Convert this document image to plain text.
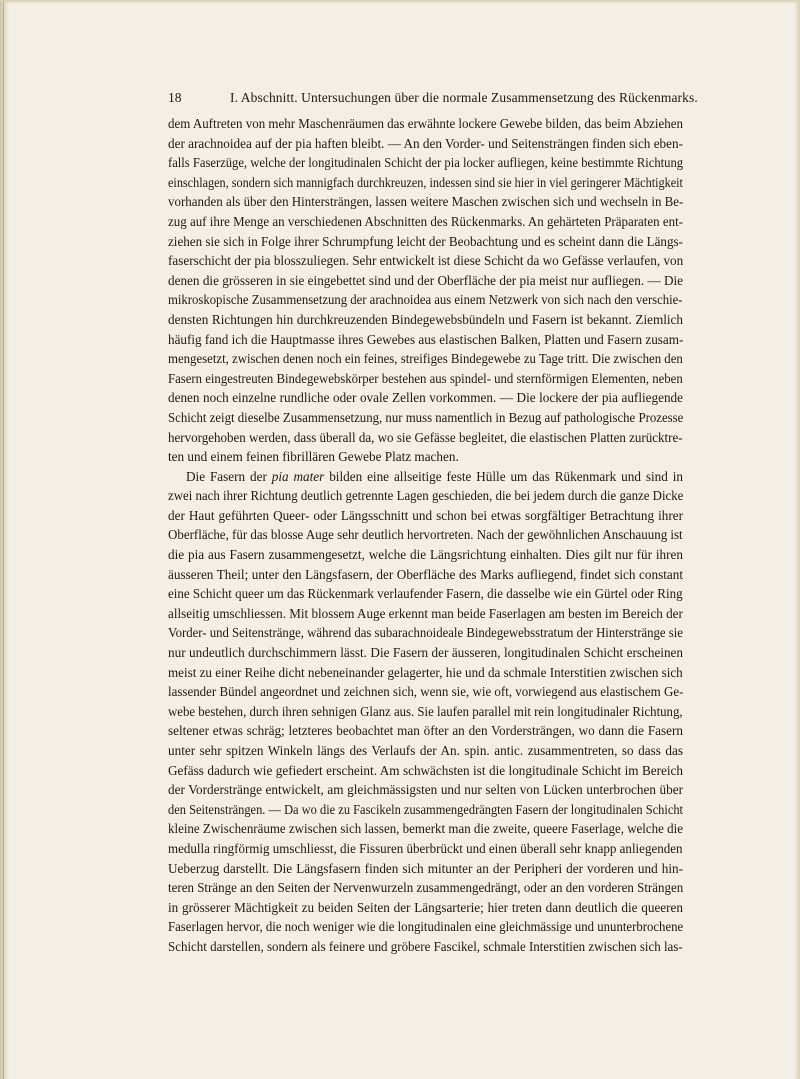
18	I. Abschnitt. Untersuchungen über die normale Zusammensetzung des Rückenmarks.
dem Auftreten von mehr Maschenräumen das erwähnte lockere Gewebe bilden, das beim Abziehen
der arachnoidea auf der pia haften bleibt. — An den Vorder- und Seitensträngen finden sich eben-
falls Faserzüge, welche der longitudinalen Schicht der pia locker aufliegen, keine bestimmte Richtung
einschlagen, sondern sich mannigfach durchkreuzen, indessen sind sie hier in viel geringerer Mächtigkeit
vorhanden als über den Hintersträngen, lassen weitere Maschen zwischen sich und wechseln in Be-
zug auf ihre Menge an verschiedenen Abschnitten des Rückenmarks. An gehärteten Präparaten ent-
ziehen sie sich in Folge ihrer Schrumpfung leicht der Beobachtung und es scheint dann die Längs-
faserschicht der pia blosszuliegen. Sehr entwickelt ist diese Schicht da wo Gefässe verlaufen, von
denen die grösseren in sie eingebettet sind und der Oberfläche der pia meist nur aufliegen. — Die
mikroskopische Zusammensetzung der arachnoidea aus einem Netzwerk von sich nach den verschie-
densten Richtungen hin durchkreuzenden Bindegewebsbündeln und Fasern ist bekannt. Ziemlich
häufig fand ich die Hauptmasse ihres Gewebes aus elastischen Balken, Platten und Fasern zusam-
mengesetzt, zwischen denen noch ein feines, streifiges Bindegewebe zu Tage tritt. Die zwischen den
Fasern eingestreuten Bindegewebskörper bestehen aus spindel- und sternförmigen Elementen, neben
denen noch einzelne rundliche oder ovale Zellen vorkommen. — Die lockere der pia aufliegende
Schicht zeigt dieselbe Zusammensetzung, nur muss namentlich in Bezug auf pathologische Prozesse
hervorgehoben werden, dass überall da, wo sie Gefässe begleitet, die elastischen Platten zurücktre-
ten und einem feinen fibrillären Gewebe Platz machen.
Die Fasern der pia mater bilden eine allseitige feste Hülle um das Rükenmark und sind in
zwei nach ihrer Richtung deutlich getrennte Lagen geschieden, die bei jedem durch die ganze Dicke
der Haut geführten Queer- oder Längsschnitt und schon bei etwas sorgfältiger Betrachtung ihrer
Oberfläche, für das blosse Auge sehr deutlich hervortreten. Nach der gewöhnlichen Anschauung ist
die pia aus Fasern zusammengesetzt, welche die Längsrichtung einhalten. Dies gilt nur für ihren
äusseren Theil; unter den Längsfasern, der Oberfläche des Marks aufliegend, findet sich constant
eine Schicht queer um das Rückenmark verlaufender Fasern, die dasselbe wie ein Gürtel oder Ring
allseitig umschliessen. Mit blossem Auge erkennt man beide Faserlagen am besten im Bereich der
Vorder- und Seitenstränge, während das subarachnoideale Bindegewebsstratum der Hinterstränge sie
nur undeutlich durchschimmern lässt. Die Fasern der äusseren, longitudinalen Schicht erscheinen
meist zu einer Reihe dicht nebeneinander gelagerter, hie und da schmale Interstitien zwischen sich
lassender Bündel angeordnet und zeichnen sich, wenn sie, wie oft, vorwiegend aus elastischem Ge-
webe bestehen, durch ihren sehnigen Glanz aus. Sie laufen parallel mit rein longitudinaler Richtung,
seltener etwas schräg; letzteres beobachtet man öfter an den Vordersträngen, wo dann die Fasern
unter sehr spitzen Winkeln längs des Verlaufs der An. spin. antic. zusammentreten, so dass das
Gefäss dadurch wie gefiedert erscheint. Am schwächsten ist die longitudinale Schicht im Bereich
der Vorderstränge entwickelt, am gleichmässigsten und nur selten von Lücken unterbrochen über
den Seitensträngen. — Da wo die zu Fascikeln zusammengedrängten Fasern der longitudinalen Schicht
kleine Zwischenräume zwischen sich lassen, bemerkt man die zweite, queere Faserlage, welche die
medulla ringförmig umschliesst, die Fissuren überbrückt und einen überall sehr knapp anliegenden
Ueberzug darstellt. Die Längsfasern finden sich mitunter an der Peripheri der vorderen und hin-
teren Stränge an den Seiten der Nervenwurzeln zusammengedrängt, oder an den vorderen Strängen
in grösserer Mächtigkeit zu beiden Seiten der Längsarterie; hier treten dann deutlich die queeren
Faserlagen hervor, die noch weniger wie die longitudinalen eine gleichmässige und ununterbrochene
Schicht darstellen, sondern als feinere und gröbere Fascikel, schmale Interstitien zwischen sich las-
